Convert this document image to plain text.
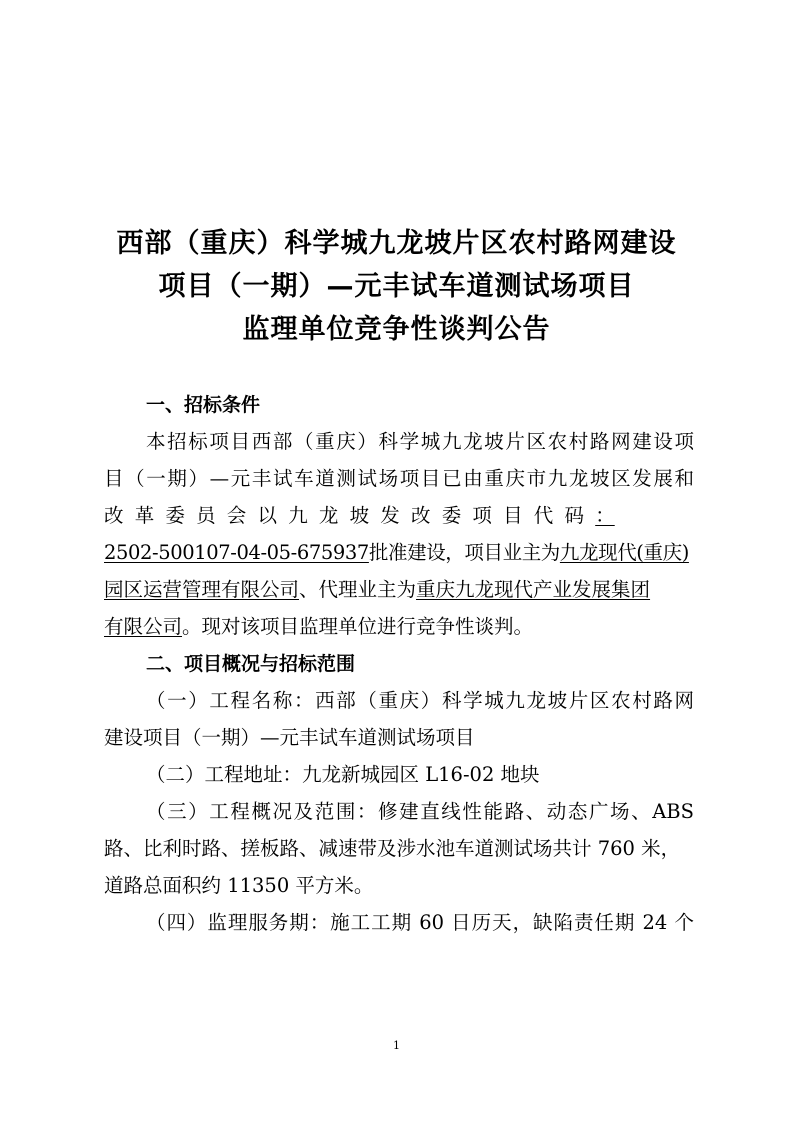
西部（重庆）科学城九龙坡片区农村路网建设
项目（一期）—元丰试车道测试场项目
监理单位竞争性谈判公告
一、招标条件
本招标项目西部（重庆）科学城九龙坡片区农村路网建设项
目（一期）—元丰试车道测试场项目已由重庆市九龙坡区发展和
改革委员会以九龙坡发改委项目代码：
2502-500107-04-05-675937批准建设，项目业主为九龙现代(重庆)
园区运营管理有限公司、代理业主为重庆九龙现代产业发展集团
有限公司。现对该项目监理单位进行竞争性谈判。
二、项目概况与招标范围
（一）工程名称：西部（重庆）科学城九龙坡片区农村路网
建设项目（一期）—元丰试车道测试场项目
（二）工程地址：九龙新城园区 L16-02 地块
（三）工程概况及范围：修建直线性能路、动态广场、ABS
路、比利时路、搓板路、减速带及涉水池车道测试场共计 760 米，
道路总面积约 11350 平方米。
（四）监理服务期：施工工期 60 日历天，缺陷责任期 24 个
1
